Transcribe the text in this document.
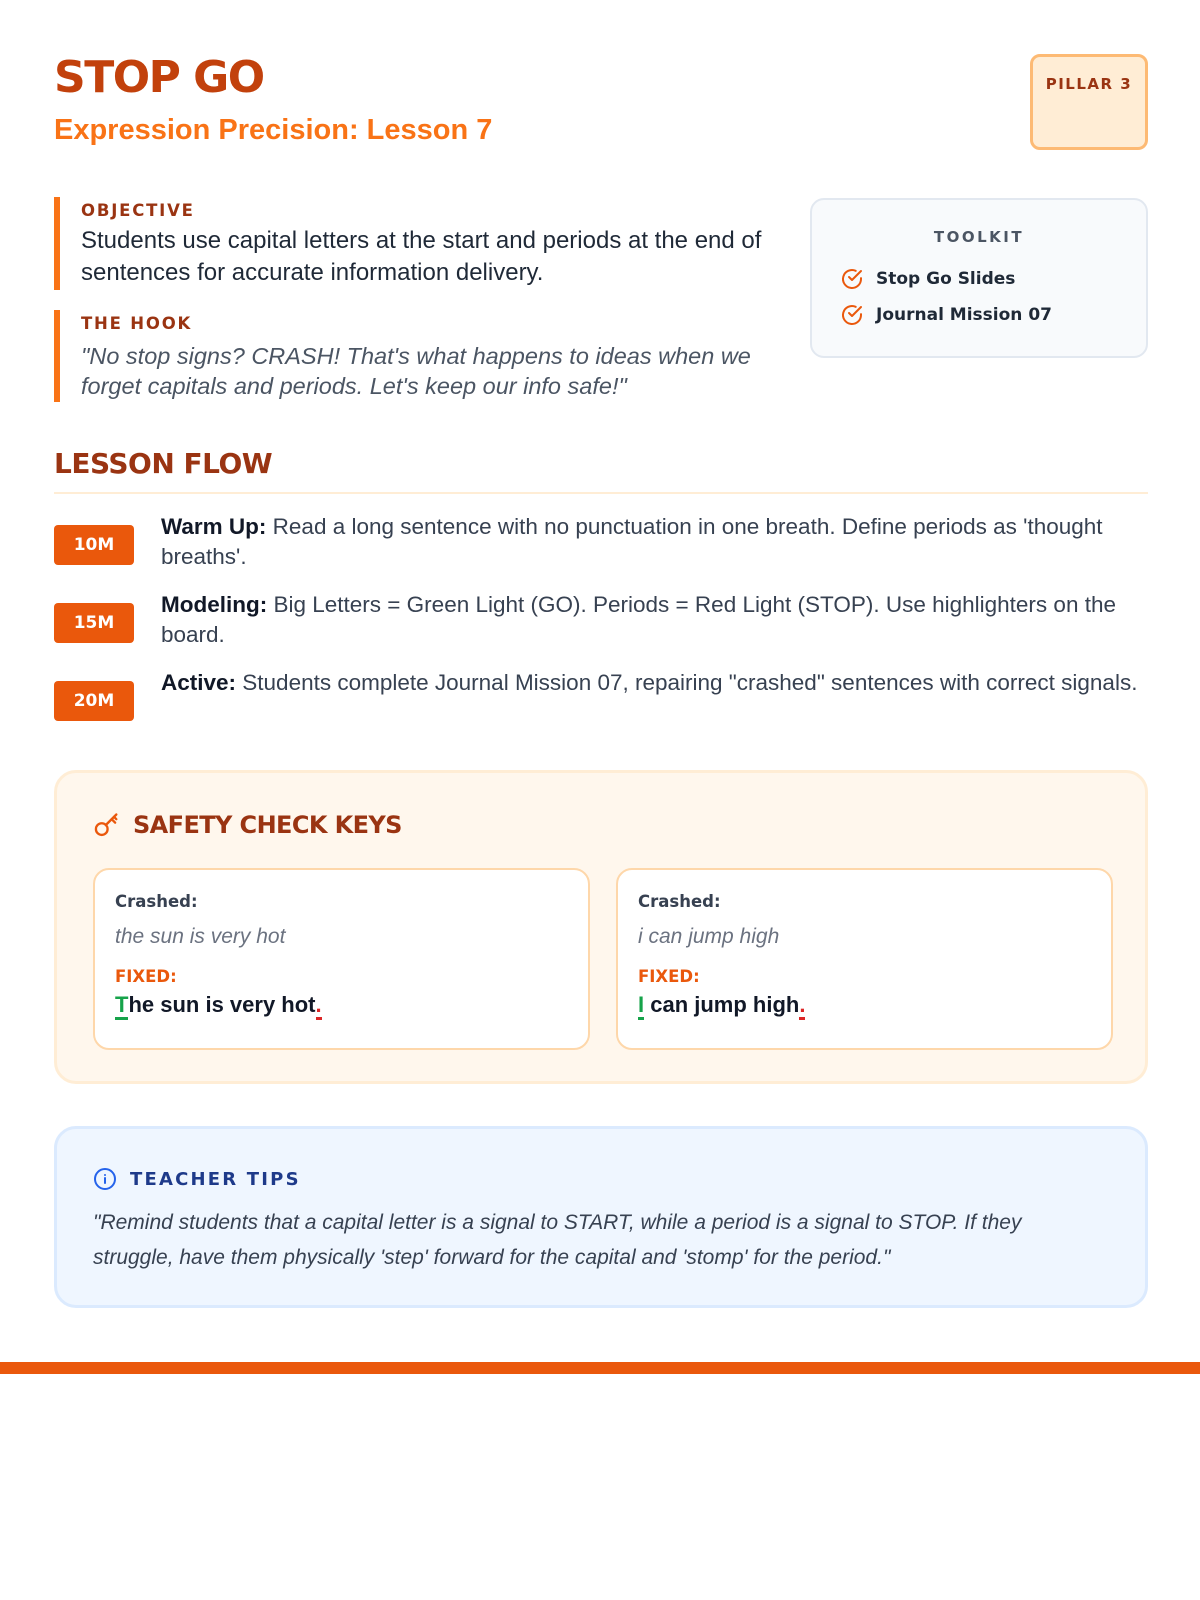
STOP GO
Expression Precision: Lesson 7
PILLAR 3
OBJECTIVE
Students use capital letters at the start and periods at the end of sentences for accurate information delivery.
THE HOOK
"No stop signs? CRASH! That's what happens to ideas when we forget capitals and periods. Let's keep our info safe!"
TOOLKIT
Stop Go Slides
Journal Mission 07
LESSON FLOW
10M
Warm Up: Read a long sentence with no punctuation in one breath. Define periods as 'thought breaths'.
15M
Modeling: Big Letters = Green Light (GO). Periods = Red Light (STOP). Use highlighters on the board.
20M
Active: Students complete Journal Mission 07, repairing "crashed" sentences with correct signals.
SAFETY CHECK KEYS
Crashed:
the sun is very hot
FIXED:
The sun is very hot.
Crashed:
i can jump high
FIXED:
I can jump high.
TEACHER TIPS
"Remind students that a capital letter is a signal to START, while a period is a signal to STOP. If they struggle, have them physically 'step' forward for the capital and 'stomp' for the period."
